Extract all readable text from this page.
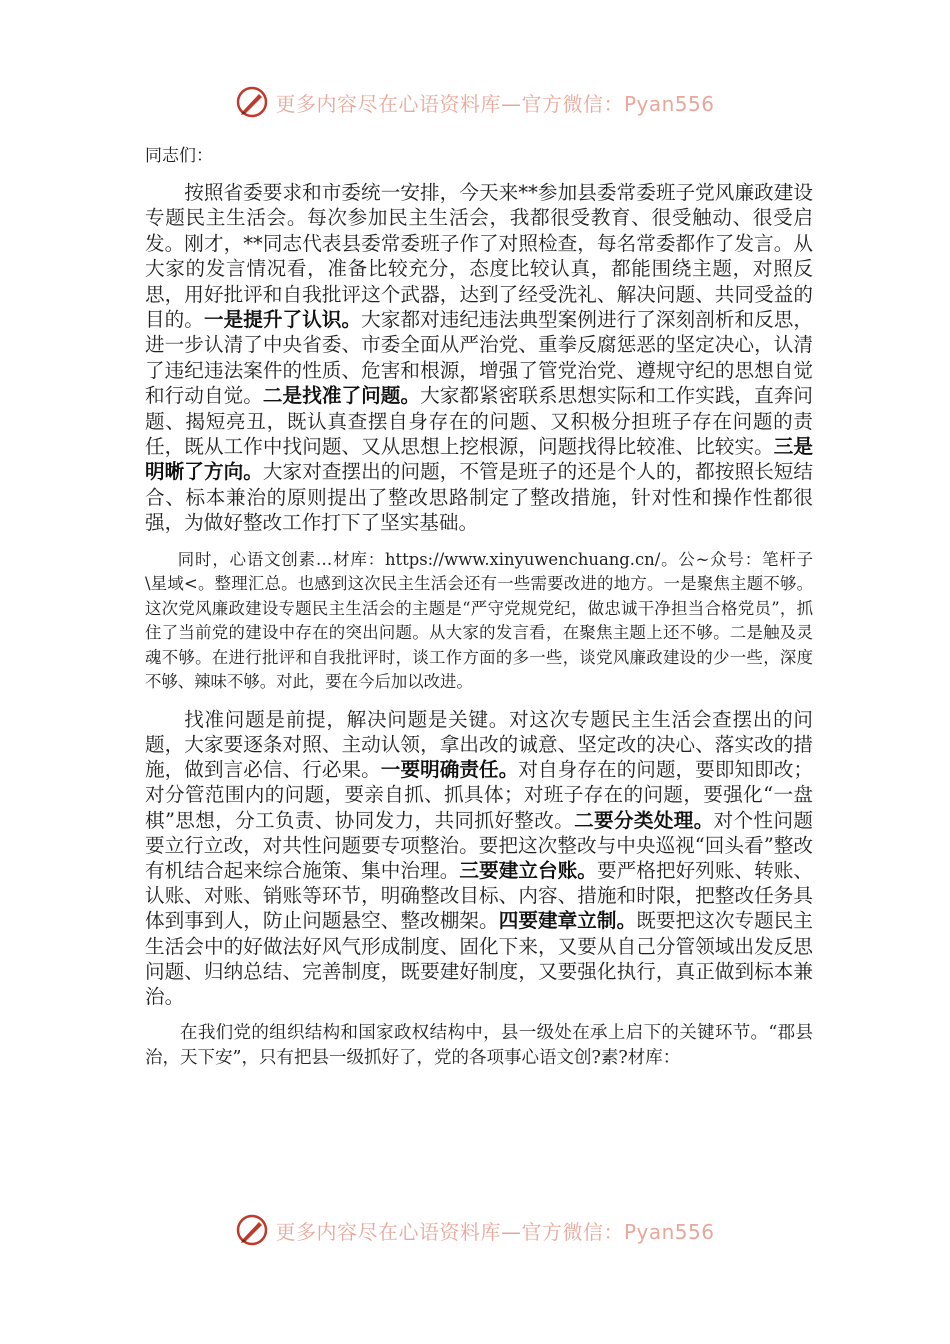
更多内容尽在心语资料库—官方微信：Pyan556

同志们：

按照省委要求和市委统一安排，今天来**参加县委常委班子党风廉政建设专题民主生活会。每次参加民主生活会，我都很受教育、很受触动、很受启发。刚才，**同志代表县委常委班子作了对照检查，每名常委都作了发言。从大家的发言情况看，准备比较充分，态度比较认真，都能围绕主题，对照反思，用好批评和自我批评这个武器，达到了经受洗礼、解决问题、共同受益的目的。一是提升了认识。大家都对违纪违法典型案例进行了深刻剖析和反思，进一步认清了中央省委、市委全面从严治党、重拳反腐惩恶的坚定决心，认清了违纪违法案件的性质、危害和根源，增强了管党治党、遵规守纪的思想自觉和行动自觉。二是找准了问题。大家都紧密联系思想实际和工作实践，直奔问题、揭短亮丑，既认真查摆自身存在的问题、又积极分担班子存在问题的责任，既从工作中找问题、又从思想上挖根源，问题找得比较准、比较实。三是明晰了方向。大家对查摆出的问题，不管是班子的还是个人的，都按照长短结合、标本兼治的原则提出了整改思路制定了整改措施，针对性和操作性都很强，为做好整改工作打下了坚实基础。

同时，心语文创素…材库：https://www.xinyuwenchuang.cn/。公~众号：笔杆子\星域<。整理汇总。也感到这次民主生活会还有一些需要改进的地方。一是聚焦主题不够。这次党风廉政建设专题民主生活会的主题是“严守党规党纪，做忠诚干净担当合格党员”，抓住了当前党的建设中存在的突出问题。从大家的发言看，在聚焦主题上还不够。二是触及灵魂不够。在进行批评和自我批评时，谈工作方面的多一些，谈党风廉政建设的少一些，深度不够、辣味不够。对此，要在今后加以改进。

找准问题是前提，解决问题是关键。对这次专题民主生活会查摆出的问题，大家要逐条对照、主动认领，拿出改的诚意、坚定改的决心、落实改的措施，做到言必信、行必果。一要明确责任。对自身存在的问题，要即知即改；对分管范围内的问题，要亲自抓、抓具体；对班子存在的问题，要强化“一盘棋”思想，分工负责、协同发力，共同抓好整改。二要分类处理。对个性问题要立行立改，对共性问题要专项整治。要把这次整改与中央巡视“回头看”整改有机结合起来综合施策、集中治理。三要建立台账。要严格把好列账、转账、认账、对账、销账等环节，明确整改目标、内容、措施和时限，把整改任务具体到事到人，防止问题悬空、整改棚架。四要建章立制。既要把这次专题民主生活会中的好做法好风气形成制度、固化下来，又要从自己分管领域出发反思问题、归纳总结、完善制度，既要建好制度，又要强化执行，真正做到标本兼治。

在我们党的组织结构和国家政权结构中，县一级处在承上启下的关键环节。“郡县治，天下安”，只有把县一级抓好了，党的各项事心语文创?素?材库：

更多内容尽在心语资料库—官方微信：Pyan556
